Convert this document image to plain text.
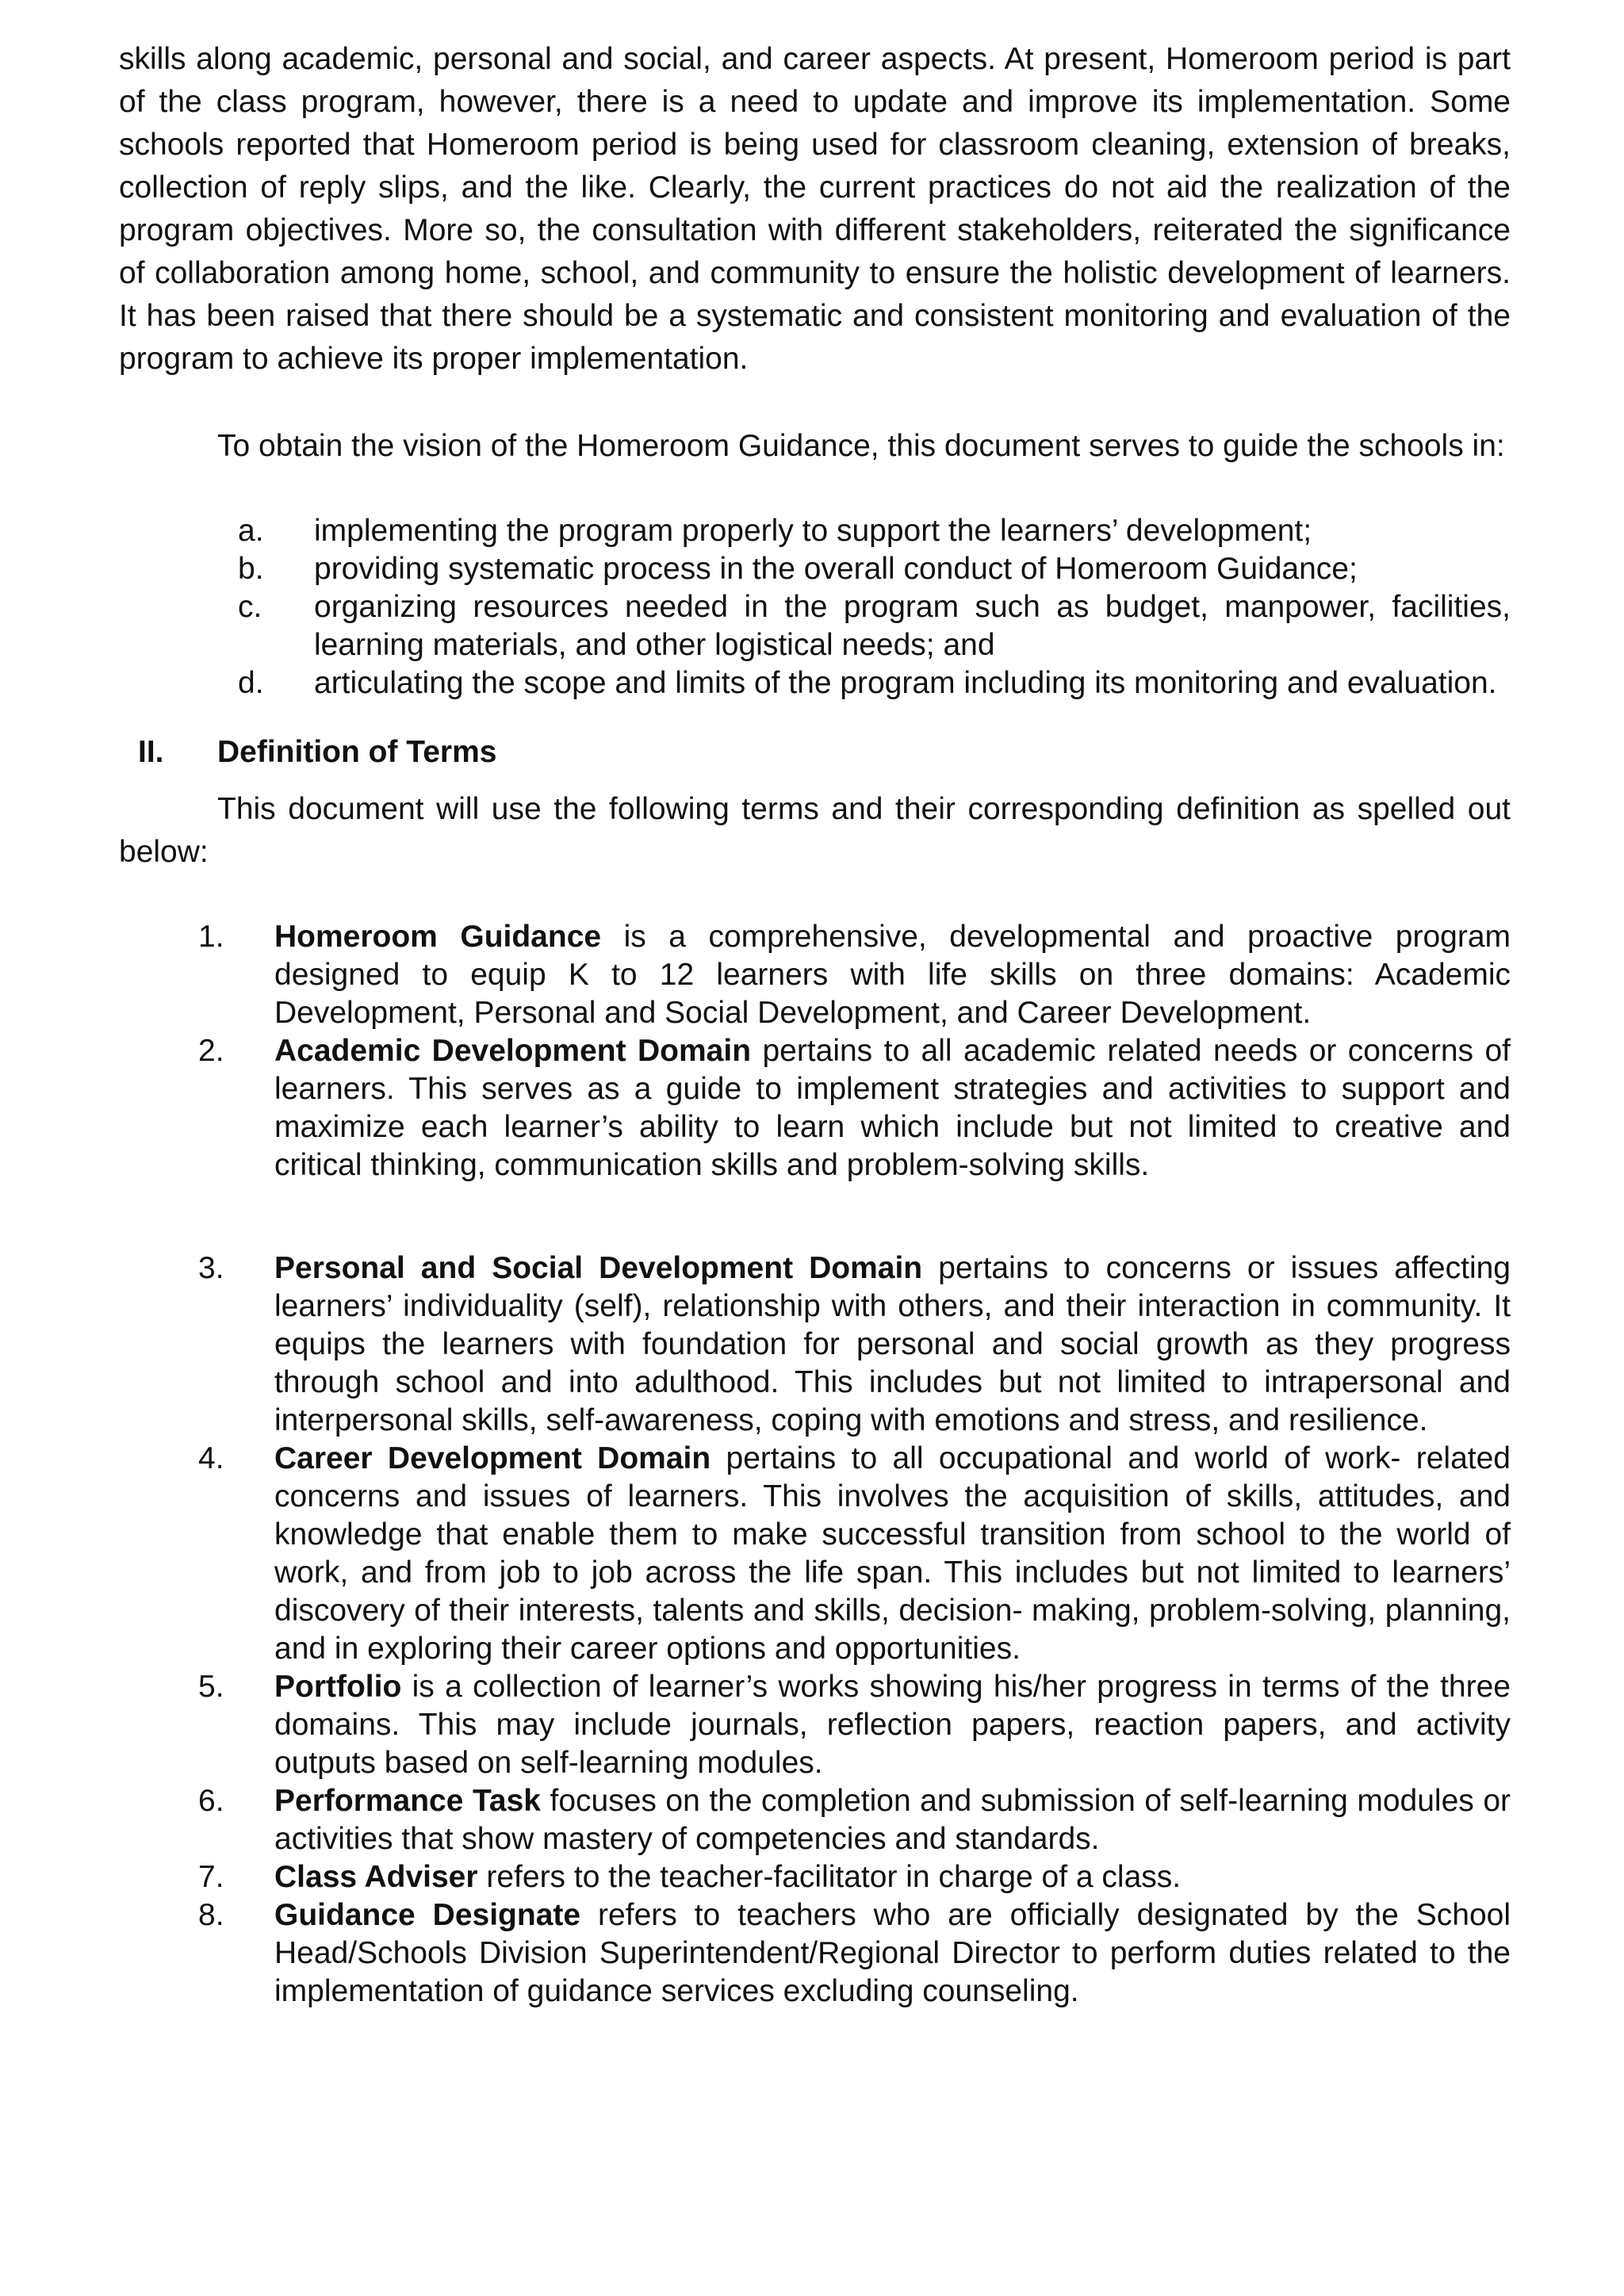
skills along academic, personal and social, and career aspects. At present, Homeroom period is part of the class program, however, there is a need to update and improve its implementation. Some schools reported that Homeroom period is being used for classroom cleaning, extension of breaks, collection of reply slips, and the like. Clearly, the current practices do not aid the realization of the program objectives. More so, the consultation with different stakeholders, reiterated the significance of collaboration among home, school, and community to ensure the holistic development of learners. It has been raised that there should be a systematic and consistent monitoring and evaluation of the program to achieve its proper implementation.

To obtain the vision of the Homeroom Guidance, this document serves to guide the schools in:

a.	implementing the program properly to support the learners’ development;
b.	providing systematic process in the overall conduct of Homeroom Guidance;
c.	organizing resources needed in the program such as budget, manpower, facilities, learning materials, and other logistical needs; and
d.	articulating the scope and limits of the program including its monitoring and evaluation.
II.	Definition of Terms

This document will use the following terms and their corresponding definition as spelled out below:

1.	Homeroom Guidance is a comprehensive, developmental and proactive program designed to equip K to 12 learners with life skills on three domains: Academic Development, Personal and Social Development, and Career Development.
2.	Academic Development Domain pertains to all academic related needs or concerns of learners. This serves as a guide to implement strategies and activities to support and maximize each learner’s ability to learn which include but not limited to creative and critical thinking, communication skills and problem-solving skills.
3.	Personal and Social Development Domain pertains to concerns or issues affecting learners’ individuality (self), relationship with others, and their interaction in community. It equips the learners with foundation for personal and social growth as they progress through school and into adulthood. This includes but not limited to intrapersonal and interpersonal skills, self-awareness, coping with emotions and stress, and resilience.
4.	Career Development Domain pertains to all occupational and world of work- related concerns and issues of learners. This involves the acquisition of skills, attitudes, and knowledge that enable them to make successful transition from school to the world of work, and from job to job across the life span. This includes but not limited to learners’ discovery of their interests, talents and skills, decision- making, problem-solving, planning, and in exploring their career options and opportunities.
5.	Portfolio is a collection of learner’s works showing his/her progress in terms of the three domains. This may include journals, reflection papers, reaction papers, and activity outputs based on self-learning modules.
6.	Performance Task focuses on the completion and submission of self-learning modules or activities that show mastery of competencies and standards.
7.	Class Adviser refers to the teacher-facilitator in charge of a class.
8.	Guidance Designate refers to teachers who are officially designated by the School Head/Schools Division Superintendent/Regional Director to perform duties related to the implementation of guidance services excluding counseling.
